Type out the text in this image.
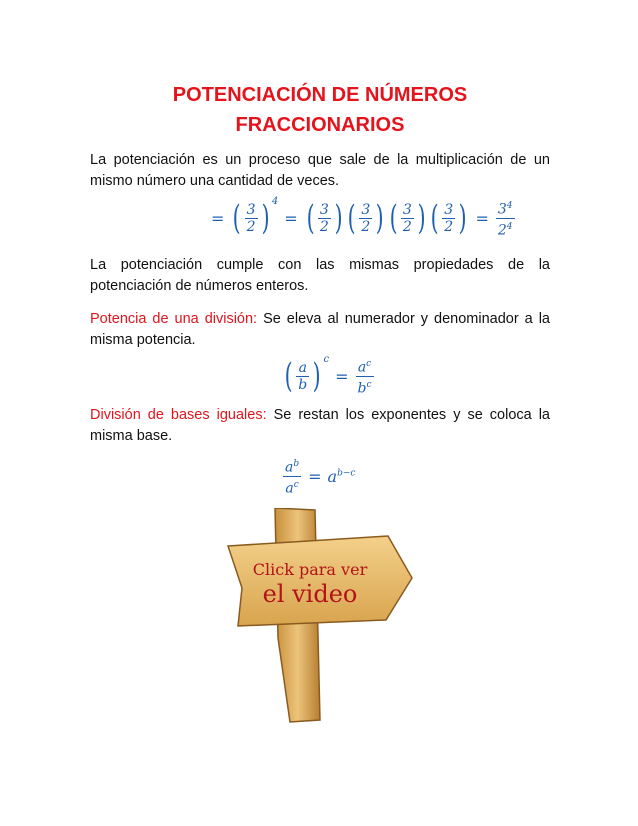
POTENCIACIÓN DE NÚMEROS
FRACCIONARIOS
La potenciación es un proceso que sale de la multiplicación de un mismo número una cantidad de veces.
= ( $\frac{3}{2}$ ) 4
= ( $\frac{3}{2}$ ) ( $\frac{3}{2}$ ) ( $\frac{3}{2}$ ) ( $\frac{3}{2}$ ) = $\frac{3^4}{2^4}$
La potenciación cumple con las mismas propiedades de la potenciación de números enteros.
Potencia de una división: Se eleva al numerador y denominador a la misma potencia.
( $\frac{a}{b}$ ) c
= $\frac{a^c}{b^c}$
División de bases iguales: Se restan los exponentes y se coloca la misma base.
$\frac{a^b}{a^c} = a^{b-c}$
Click para ver
el video
